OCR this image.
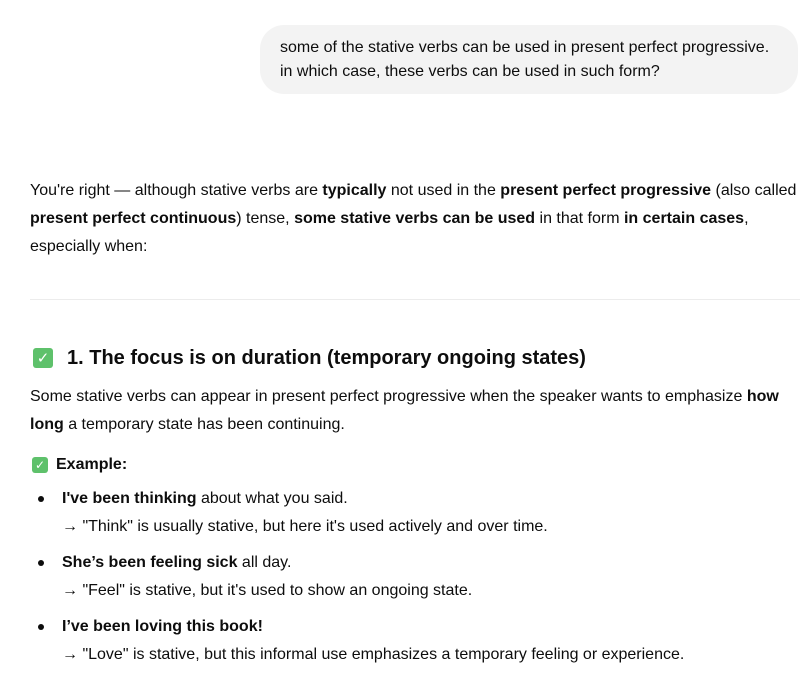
some of the stative verbs can be used in present perfect progressive. in which case, these verbs can be used in such form?

You're right — although stative verbs are typically not used in the present perfect progressive (also called present perfect continuous) tense, some stative verbs can be used in that form in certain cases, especially when:

✓ 1. The focus is on duration (temporary ongoing states)

Some stative verbs can appear in present perfect progressive when the speaker wants to emphasize how long a temporary state has been continuing.

✓ Example:
I've been thinking about what you said.
→ "Think" is usually stative, but here it's used actively and over time.
She’s been feeling sick all day.
→ "Feel" is stative, but it's used to show an ongoing state.
I’ve been loving this book!
→ "Love" is stative, but this informal use emphasizes a temporary feeling or experience.
